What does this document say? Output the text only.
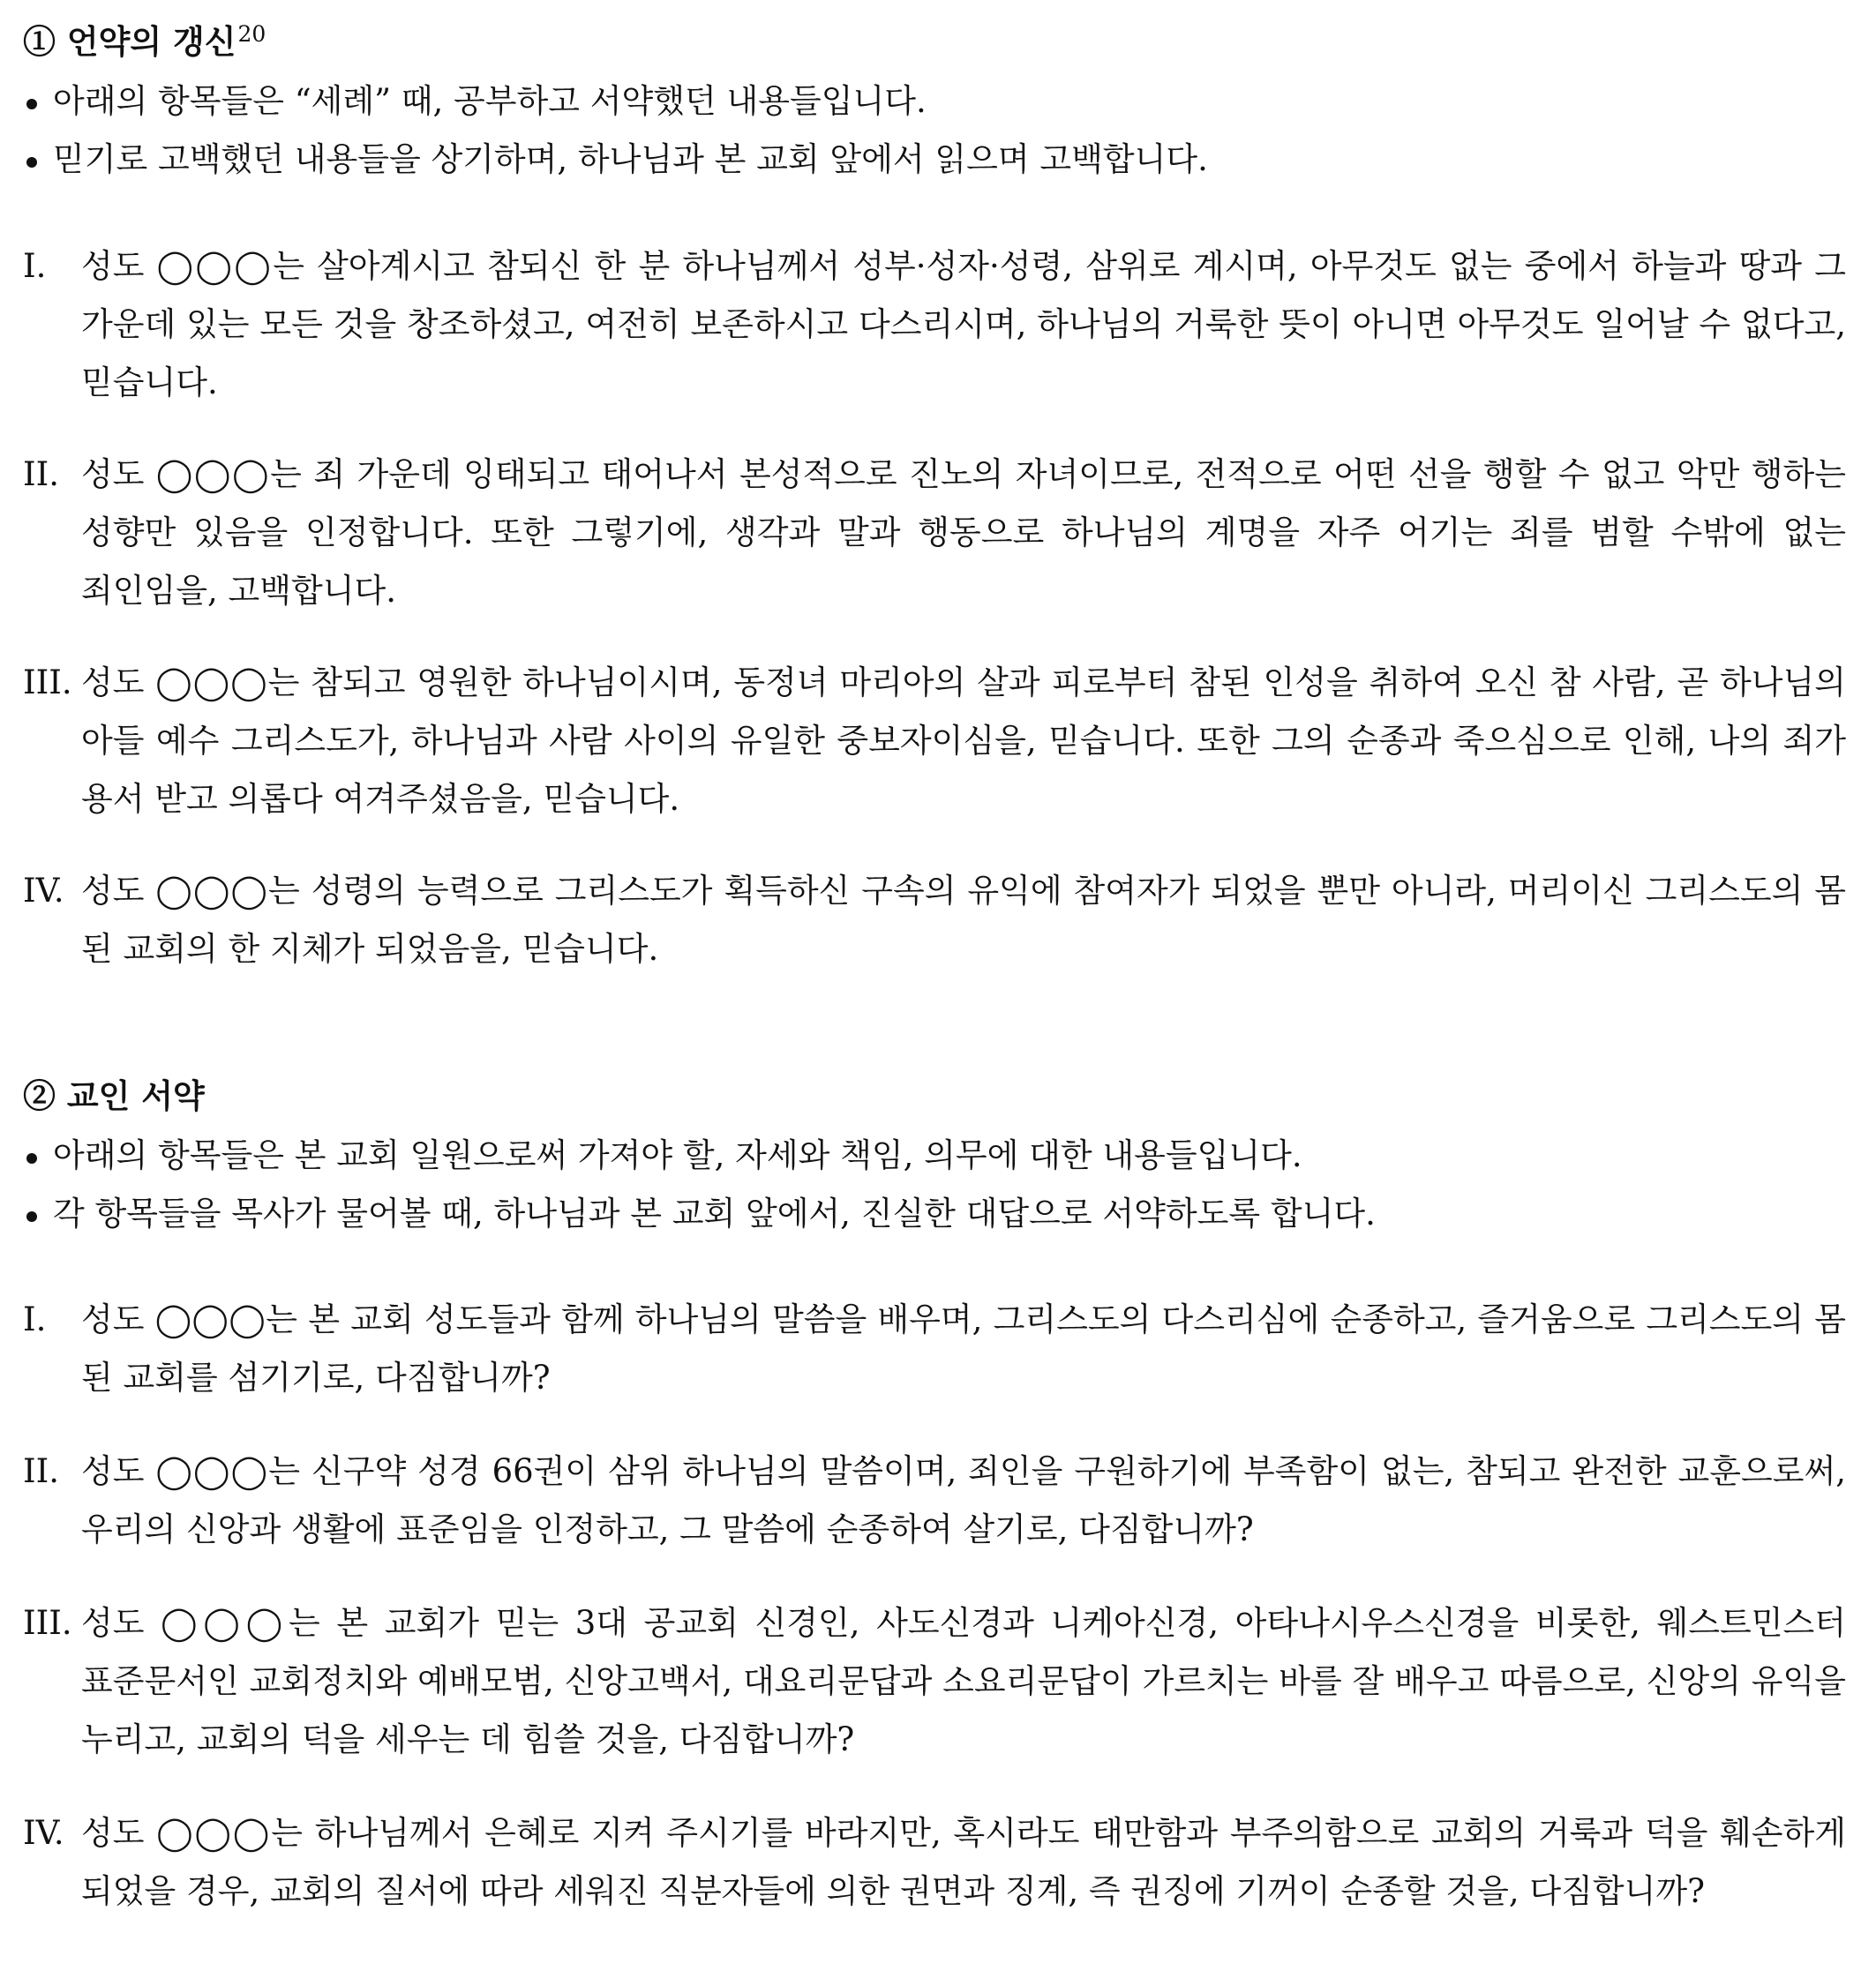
① 언약의 갱신 20
아래의 항목들은 “세례” 때, 공부하고 서약했던 내용들입니다.
믿기로 고백했던 내용들을 상기하며, 하나님과 본 교회 앞에서 읽으며 고백합니다.
I. 성도 ◯◯◯는 살아계시고 참되신 한 분 하나님께서 성부·성자·성령, 삼위로 계시며, 아무것도 없는 중에서 하늘과 땅과 그 가운데 있는 모든 것을 창조하셨고, 여전히 보존하시고 다스리시며, 하나님의 거룩한 뜻이 아니면 아무것도 일어날 수 없다고, 믿습니다.
II. 성도 ◯◯◯는 죄 가운데 잉태되고 태어나서 본성적으로 진노의 자녀이므로, 전적으로 어떤 선을 행할 수 없고 악만 행하는 성향만 있음을 인정합니다. 또한 그렇기에, 생각과 말과 행동으로 하나님의 계명을 자주 어기는 죄를 범할 수밖에 없는 죄인임을, 고백합니다.
III. 성도 ◯◯◯는 참되고 영원한 하나님이시며, 동정녀 마리아의 살과 피로부터 참된 인성을 취하여 오신 참 사람, 곧 하나님의 아들 예수 그리스도가, 하나님과 사람 사이의 유일한 중보자이심을, 믿습니다. 또한 그의 순종과 죽으심으로 인해, 나의 죄가 용서 받고 의롭다 여겨주셨음을, 믿습니다.
IV. 성도 ◯◯◯는 성령의 능력으로 그리스도가 획득하신 구속의 유익에 참여자가 되었을 뿐만 아니라, 머리이신 그리스도의 몸 된 교회의 한 지체가 되었음을, 믿습니다.
② 교인 서약
아래의 항목들은 본 교회 일원으로써 가져야 할, 자세와 책임, 의무에 대한 내용들입니다.
각 항목들을 목사가 물어볼 때, 하나님과 본 교회 앞에서, 진실한 대답으로 서약하도록 합니다.
I. 성도 ◯◯◯는 본 교회 성도들과 함께 하나님의 말씀을 배우며, 그리스도의 다스리심에 순종하고, 즐거움으로 그리스도의 몸 된 교회를 섬기기로, 다짐합니까?
II. 성도 ◯◯◯는 신구약 성경 66권이 삼위 하나님의 말씀이며, 죄인을 구원하기에 부족함이 없는, 참되고 완전한 교훈으로써, 우리의 신앙과 생활에 표준임을 인정하고, 그 말씀에 순종하여 살기로, 다짐합니까?
III. 성도 ◯◯◯는 본 교회가 믿는 3대 공교회 신경인, 사도신경과 니케아신경, 아타나시우스신경을 비롯한, 웨스트민스터 표준문서인 교회정치와 예배모범, 신앙고백서, 대요리문답과 소요리문답이 가르치는 바를 잘 배우고 따름으로, 신앙의 유익을 누리고, 교회의 덕을 세우는 데 힘쓸 것을, 다짐합니까?
IV. 성도 ◯◯◯는 하나님께서 은혜로 지켜 주시기를 바라지만, 혹시라도 태만함과 부주의함으로 교회의 거룩과 덕을 훼손하게 되었을 경우, 교회의 질서에 따라 세워진 직분자들에 의한 권면과 징계, 즉 권징에 기꺼이 순종할 것을, 다짐합니까?
